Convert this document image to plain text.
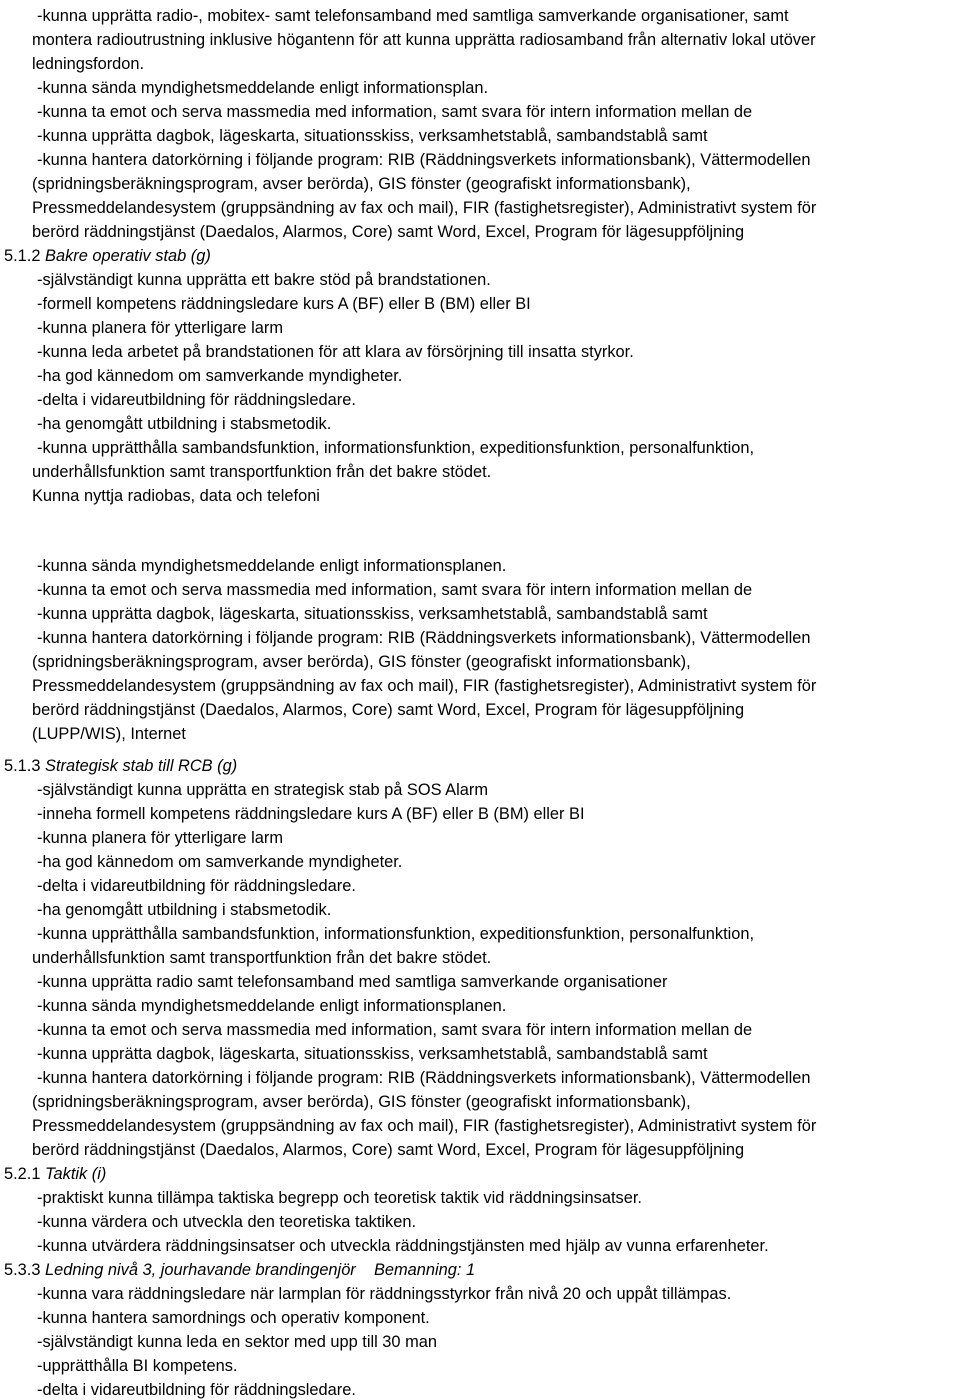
-kunna upprätta radio-, mobitex- samt telefonsamband med samtliga samverkande organisationer, samt
montera radioutrustning inklusive högantenn för att kunna upprätta radiosamband från alternativ lokal utöver
ledningsfordon.
-kunna sända myndighetsmeddelande enligt informationsplan.
-kunna ta emot och serva massmedia med information, samt svara för intern information mellan de
-kunna upprätta dagbok, lägeskarta, situationsskiss, verksamhetstablå, sambandstablå samt
-kunna hantera datorkörning i följande program: RIB (Räddningsverkets informationsbank), Vättermodellen
(spridningsberäkningsprogram, avser berörda), GIS fönster (geografiskt informationsbank),
Pressmeddelandesystem (gruppsändning av fax och mail), FIR (fastighetsregister), Administrativt system för
berörd räddningstjänst (Daedalos, Alarmos, Core) samt Word, Excel, Program för lägesuppföljning
5.1.2 Bakre operativ stab (g)
-självständigt kunna upprätta ett bakre stöd på brandstationen.
-formell kompetens räddningsledare kurs A (BF) eller B (BM) eller BI
-kunna planera för ytterligare larm
-kunna leda arbetet på brandstationen för att klara av försörjning till insatta styrkor.
-ha god kännedom om samverkande myndigheter.
-delta i vidareutbildning för räddningsledare.
-ha genomgått utbildning i stabsmetodik.
-kunna upprätthålla sambandsfunktion, informationsfunktion, expeditionsfunktion, personalfunktion,
underhållsfunktion samt transportfunktion från det bakre stödet.
Kunna nyttja radiobas, data och telefoni
-kunna sända myndighetsmeddelande enligt informationsplanen.
-kunna ta emot och serva massmedia med information, samt svara för intern information mellan de
-kunna upprätta dagbok, lägeskarta, situationsskiss, verksamhetstablå, sambandstablå samt
-kunna hantera datorkörning i följande program: RIB (Räddningsverkets informationsbank), Vättermodellen
(spridningsberäkningsprogram, avser berörda), GIS fönster (geografiskt informationsbank),
Pressmeddelandesystem (gruppsändning av fax och mail), FIR (fastighetsregister), Administrativt system för
berörd räddningstjänst (Daedalos, Alarmos, Core) samt Word, Excel, Program för lägesuppföljning
(LUPP/WIS), Internet
5.1.3 Strategisk stab till RCB (g)
-självständigt kunna upprätta en strategisk stab på SOS Alarm
-inneha formell kompetens räddningsledare kurs A (BF) eller B (BM) eller BI
-kunna planera för ytterligare larm
-ha god kännedom om samverkande myndigheter.
-delta i vidareutbildning för räddningsledare.
-ha genomgått utbildning i stabsmetodik.
-kunna upprätthålla sambandsfunktion, informationsfunktion, expeditionsfunktion, personalfunktion,
underhållsfunktion samt transportfunktion från det bakre stödet.
-kunna upprätta radio samt telefonsamband med samtliga samverkande organisationer
-kunna sända myndighetsmeddelande enligt informationsplanen.
-kunna ta emot och serva massmedia med information, samt svara för intern information mellan de
-kunna upprätta dagbok, lägeskarta, situationsskiss, verksamhetstablå, sambandstablå samt
-kunna hantera datorkörning i följande program: RIB (Räddningsverkets informationsbank), Vättermodellen
(spridningsberäkningsprogram, avser berörda), GIS fönster (geografiskt informationsbank),
Pressmeddelandesystem (gruppsändning av fax och mail), FIR (fastighetsregister), Administrativt system för
berörd räddningstjänst (Daedalos, Alarmos, Core) samt Word, Excel, Program för lägesuppföljning
5.2.1 Taktik (i)
-praktiskt kunna tillämpa taktiska begrepp och teoretisk taktik vid räddningsinsatser.
-kunna värdera och utveckla den teoretiska taktiken.
-kunna utvärdera räddningsinsatser och utveckla räddningstjänsten med hjälp av vunna erfarenheter.
5.3.3 Ledning nivå 3, jourhavande brandingenjör    Bemanning: 1
-kunna vara räddningsledare när larmplan för räddningsstyrkor från nivå 20 och uppåt tillämpas.
-kunna hantera samordnings och operativ komponent.
-självständigt kunna leda en sektor med upp till 30 man
-upprätthålla BI kompetens.
-delta i vidareutbildning för räddningsledare.
